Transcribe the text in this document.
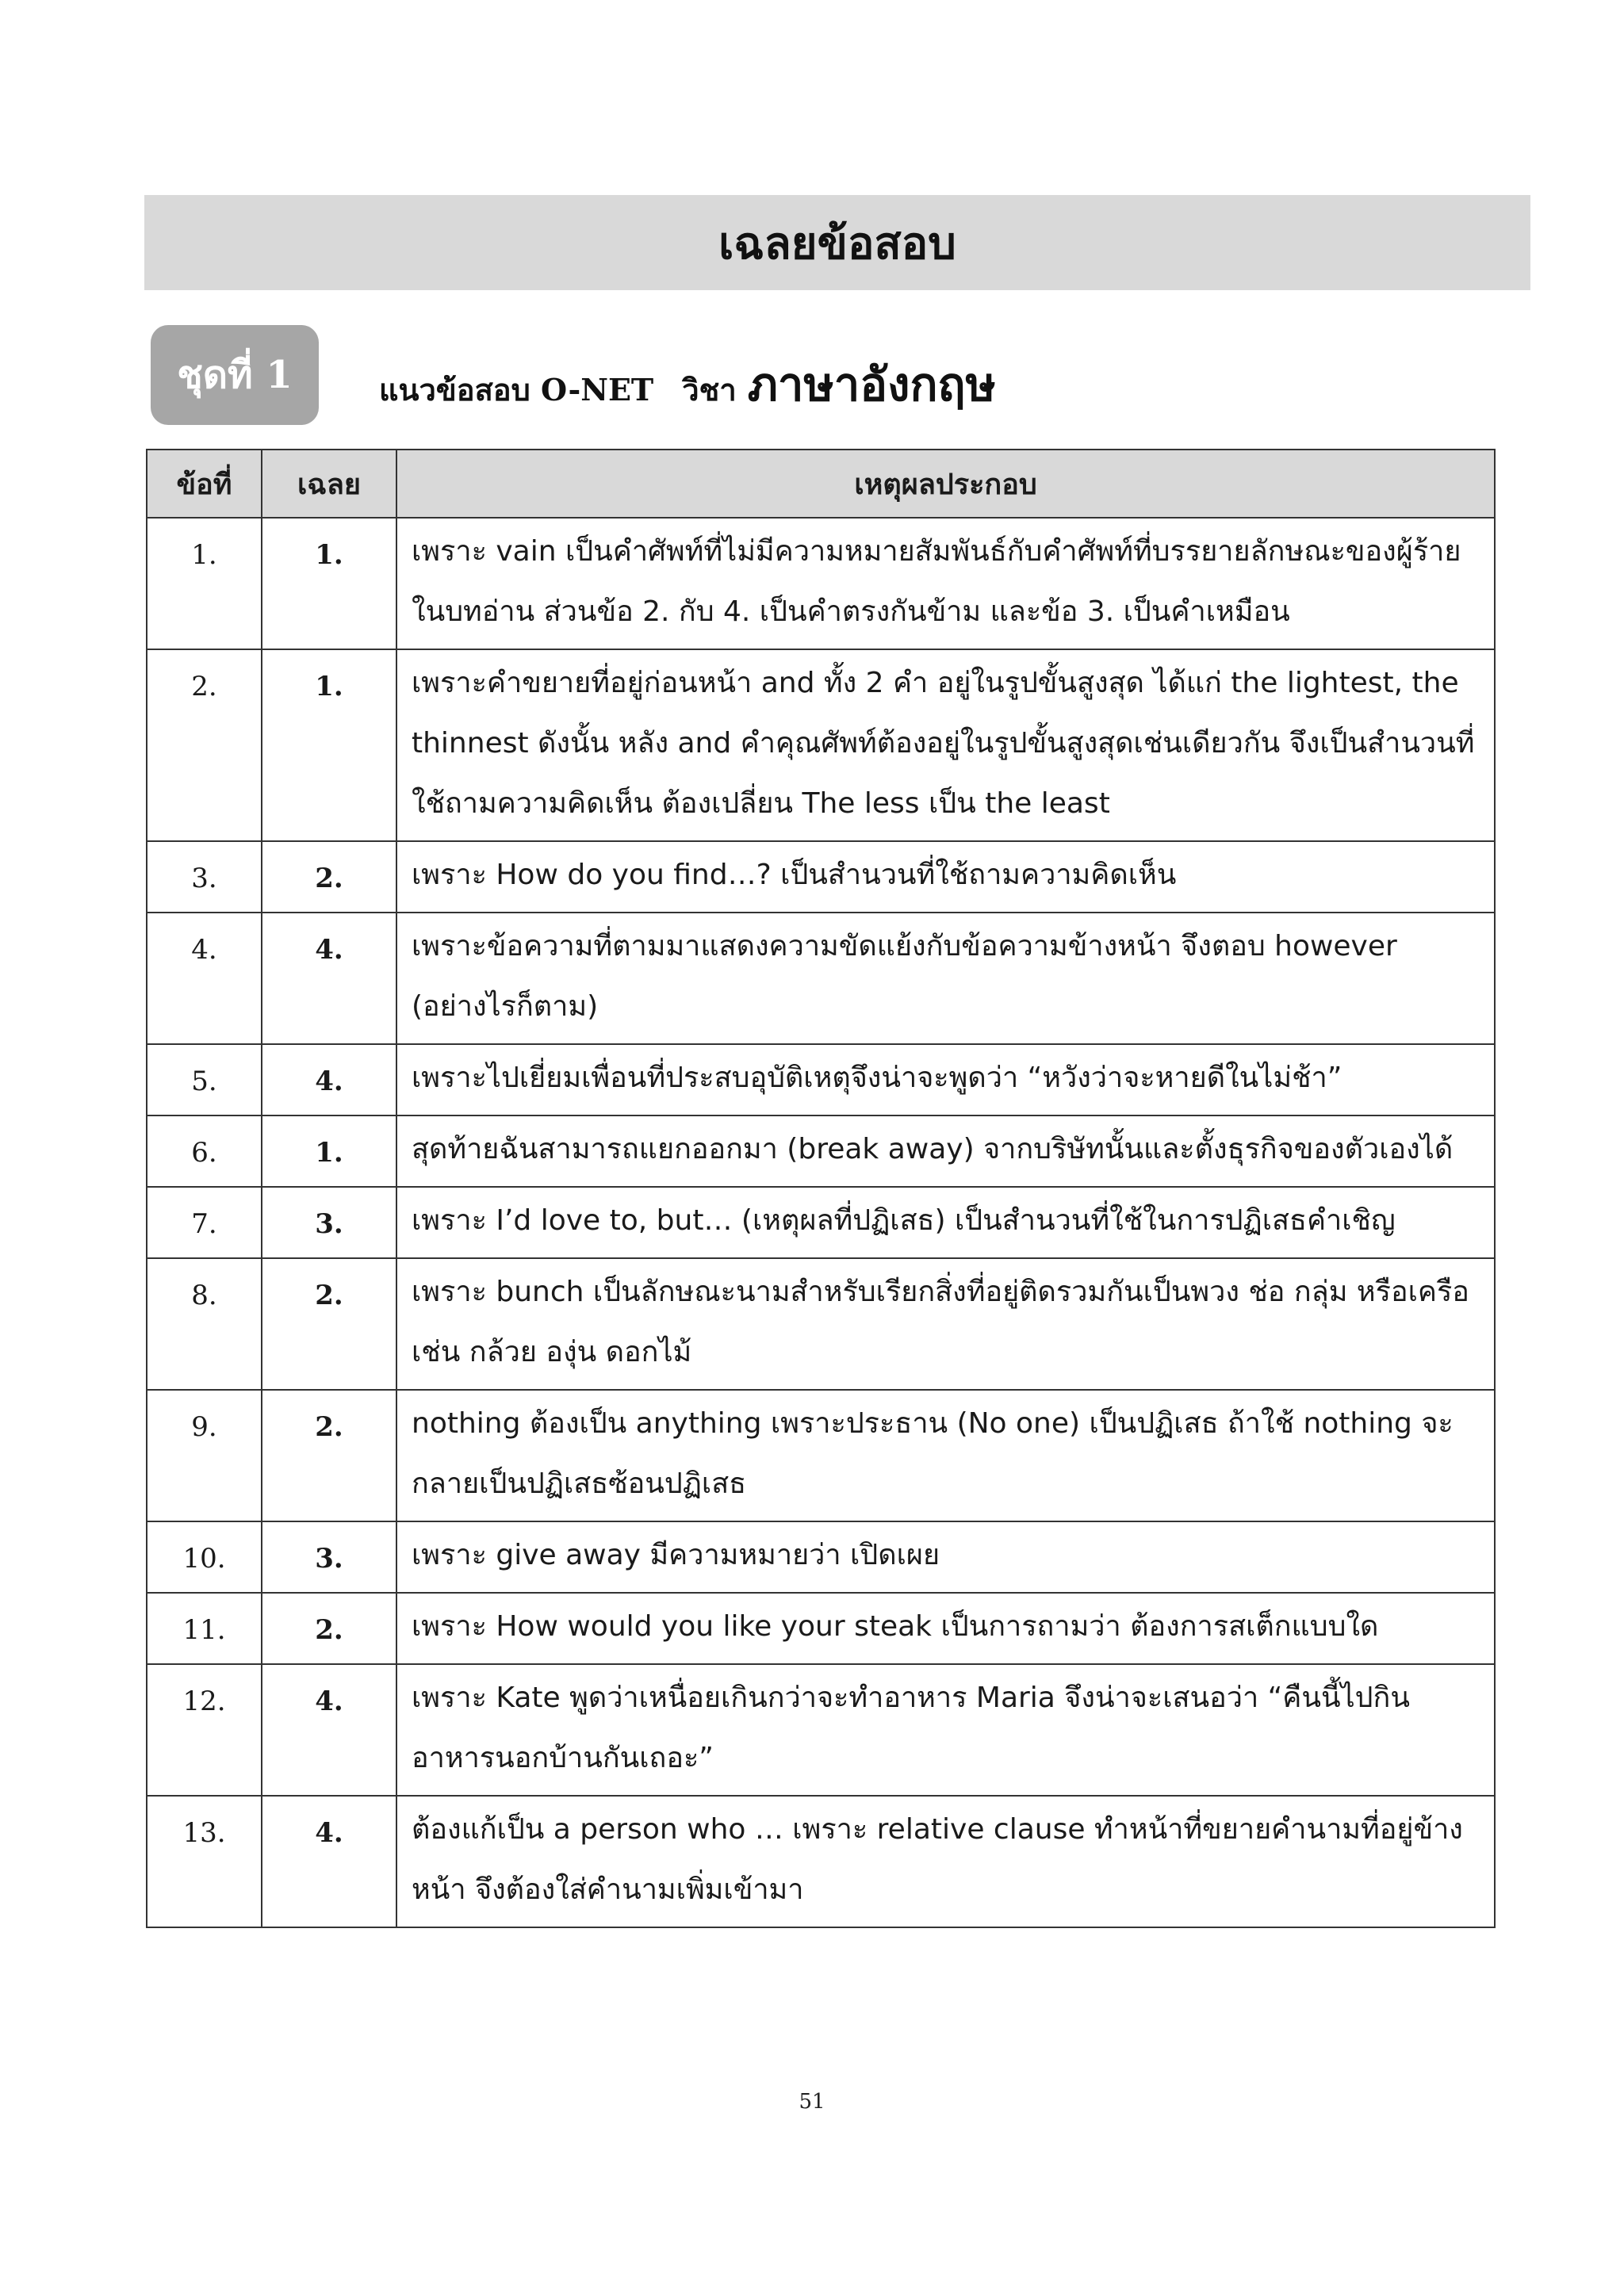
เฉลยข้อสอบ
ชุดที่ 1	แนวข้อสอบ O-NET วิชา ภาษาอังกฤษ
ข้อที่	เฉลย	เหตุผลประกอบ
1.	1.	เพราะ vain เป็นคำศัพท์ที่ไม่มีความหมายสัมพันธ์กับคำศัพท์ที่บรรยายลักษณะของผู้ร้ายในบทอ่าน ส่วนข้อ 2. กับ 4. เป็นคำตรงกันข้าม และข้อ 3. เป็นคำเหมือน
2.	1.	เพราะคำขยายที่อยู่ก่อนหน้า and ทั้ง 2 คำ อยู่ในรูปขั้นสูงสุด ได้แก่ the lightest, the thinnest ดังนั้น หลัง and คำคุณศัพท์ต้องอยู่ในรูปขั้นสูงสุดเช่นเดียวกัน จึงเป็นสำนวนที่ใช้ถามความคิดเห็น ต้องเปลี่ยน The less เป็น the least
3.	2.	เพราะ How do you find…? เป็นสำนวนที่ใช้ถามความคิดเห็น
4.	4.	เพราะข้อความที่ตามมาแสดงความขัดแย้งกับข้อความข้างหน้า จึงตอบ however (อย่างไรก็ตาม)
5.	4.	เพราะไปเยี่ยมเพื่อนที่ประสบอุบัติเหตุจึงน่าจะพูดว่า “หวังว่าจะหายดีในไม่ช้า”
6.	1.	สุดท้ายฉันสามารถแยกออกมา (break away) จากบริษัทนั้นและตั้งธุรกิจของตัวเองได้
7.	3.	เพราะ I’d love to, but… (เหตุผลที่ปฏิเสธ) เป็นสำนวนที่ใช้ในการปฏิเสธคำเชิญ
8.	2.	เพราะ bunch เป็นลักษณะนามสำหรับเรียกสิ่งที่อยู่ติดรวมกันเป็นพวง ช่อ กลุ่ม หรือเครือ เช่น กล้วย องุ่น ดอกไม้
9.	2.	nothing ต้องเป็น anything เพราะประธาน (No one) เป็นปฏิเสธ ถ้าใช้ nothing จะกลายเป็นปฏิเสธซ้อนปฏิเสธ
10.	3.	เพราะ give away มีความหมายว่า เปิดเผย
11.	2.	เพราะ How would you like your steak เป็นการถามว่า ต้องการสเต็กแบบใด
12.	4.	เพราะ Kate พูดว่าเหนื่อยเกินกว่าจะทำอาหาร Maria จึงน่าจะเสนอว่า “คืนนี้ไปกินอาหารนอกบ้านกันเถอะ”
13.	4.	ต้องแก้เป็น a person who … เพราะ relative clause ทำหน้าที่ขยายคำนามที่อยู่ข้างหน้า จึงต้องใส่คำนามเพิ่มเข้ามา
51
